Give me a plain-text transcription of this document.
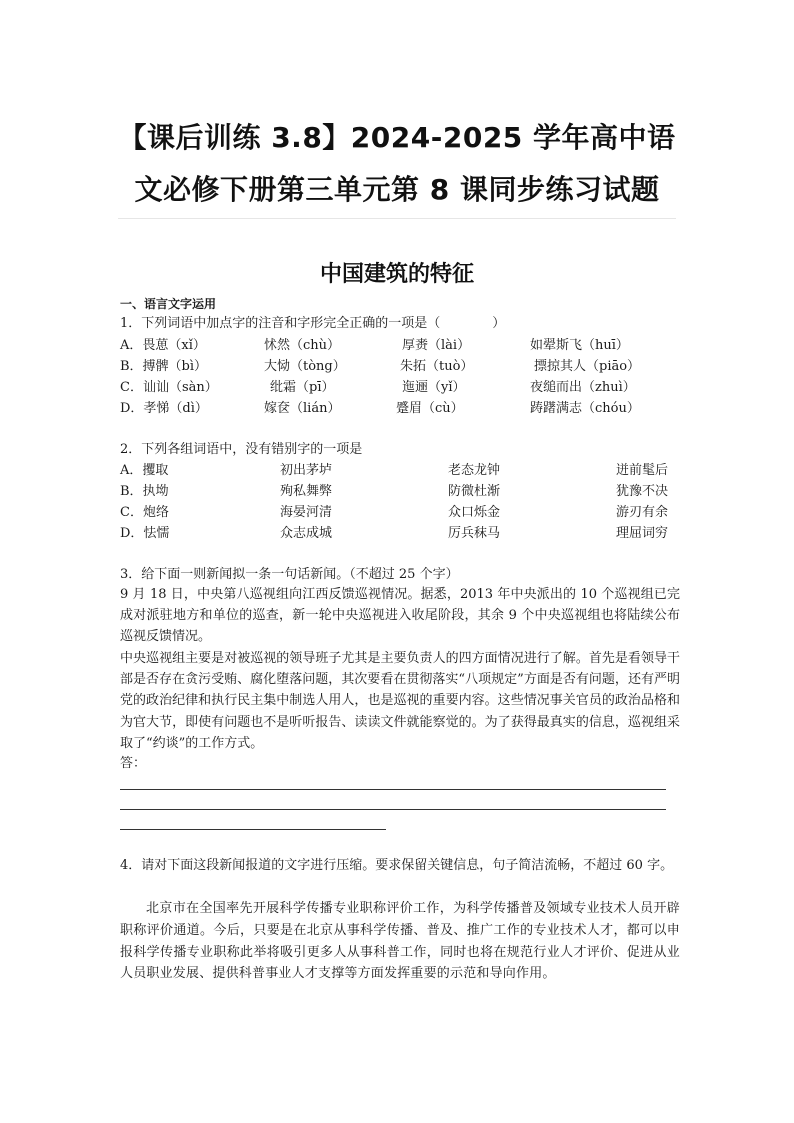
【课后训练 3.8】2024-2025 学年高中语
文必修下册第三单元第 8 课同步练习试题
中国建筑的特征
一、语言文字运用
1．下列词语中加点字的注音和字形完全正确的一项是（　　　　）
A．畏葸（xǐ）	怵然（chù）	厚赉（lài）	如翚斯飞（huī）
B．搏髀（bì）	大恸（tòng）	朱拓（tuò）	摽掠其人（piāo）
C．讪讪（sàn）	纰霜（pī）	迤逦（yǐ）	夜缒而出（zhuì）
D．孝悌（dì）	嫁奁（lián）	蹙眉（cù）	踌躇满志（chóu）
2．下列各组词语中，没有错别字的一项是
A．攫取	初出茅垆	老态龙钟	迸前髦后
B．执坳	殉私舞弊	防微杜渐	犹豫不决
C．炮络	海晏河清	众口烁金	游刃有余
D．怯懦	众志成城	厉兵秣马	理屈词穷
3．给下面一则新闻拟一条一句话新闻。（不超过 25 个字）
9 月 18 日，中央第八巡视组向江西反馈巡视情况。据悉，2013 年中央派出的 10 个巡视组已完成对派驻地方和单位的巡查，新一轮中央巡视进入收尾阶段，其余 9 个中央巡视组也将陆续公布巡视反馈情况。
中央巡视组主要是对被巡视的领导班子尤其是主要负责人的四方面情况进行了解。首先是看领导干部是否存在贪污受贿、腐化堕落问题，其次要看在贯彻落实“八项规定”方面是否有问题，还有严明党的政治纪律和执行民主集中制选人用人，也是巡视的重要内容。这些情况事关官员的政治品格和为官大节，即使有问题也不是听听报告、读读文件就能察觉的。为了获得最真实的信息，巡视组采取了“约谈”的工作方式。
答：
4．请对下面这段新闻报道的文字进行压缩。要求保留关键信息，句子简洁流畅，不超过 60 字。
北京市在全国率先开展科学传播专业职称评价工作，为科学传播普及领域专业技术人员开辟职称评价通道。今后，只要是在北京从事科学传播、普及、推广工作的专业技术人才，都可以申报科学传播专业职称此举将吸引更多人从事科普工作，同时也将在规范行业人才评价、促进从业人员职业发展、提供科普事业人才支撑等方面发挥重要的示范和导向作用。
